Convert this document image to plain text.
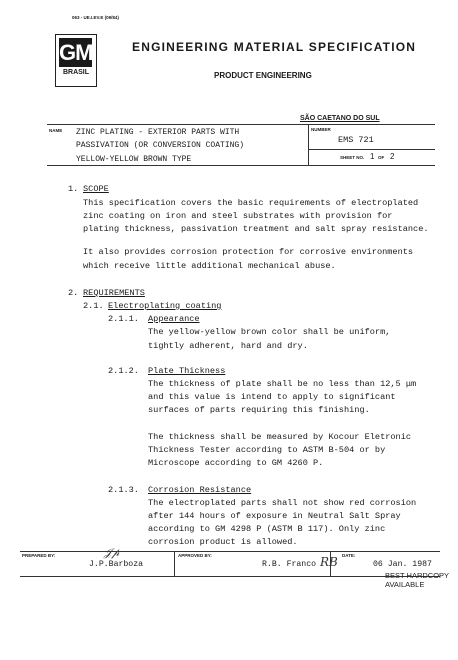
063 - UE.I.EV.E (09/84)
GM
BRASIL
ENGINEERING MATERIAL SPECIFICATION
PRODUCT ENGINEERING
SÃO CAETANO DO SUL
NAME ZINC PLATING - EXTERIOR PARTS WITH
PASSIVATION (OR CONVERSION COATING)
YELLOW-YELLOW BROWN TYPE
NUMBER
EMS 721
SHEET NO. 1 OF 2
1. SCOPE
This specification covers the basic requirements of electroplated
zinc coating on iron and steel substrates with provision for
plating thickness, passivation treatment and salt spray resistance.
It also provides corrosion protection for corrosive environments
which receive little additional mechanical abuse.
2. REQUIREMENTS
2.1. Electroplating coating
2.1.1. Appearance
The yellow-yellow brown color shall be uniform,
tightly adherent, hard and dry.
2.1.2. Plate Thickness
The thickness of plate shall be no less than 12,5 μm
and this value is intend to apply to significant
surfaces of parts requiring this finishing.
The thickness shall be measured by Kocour Eletronic
Thickness Tester according to ASTM B-504 or by
Microscope according to GM 4260 P.
2.1.3. Corrosion Resistance
The electroplated parts shall not show red corrosion
after 144 hours of exposure in Neutral Salt Spray
according to GM 4298 P (ASTM B 117). Only zinc
corrosion product is allowed.
PREPARED BY:	𝒥𝓅
J.P.Barboza
APPROVED BY:
R.B. Franco 𝑅𝐵 DATE:
06 Jan. 1987
BEST HARDCOPY
AVAILABLE
